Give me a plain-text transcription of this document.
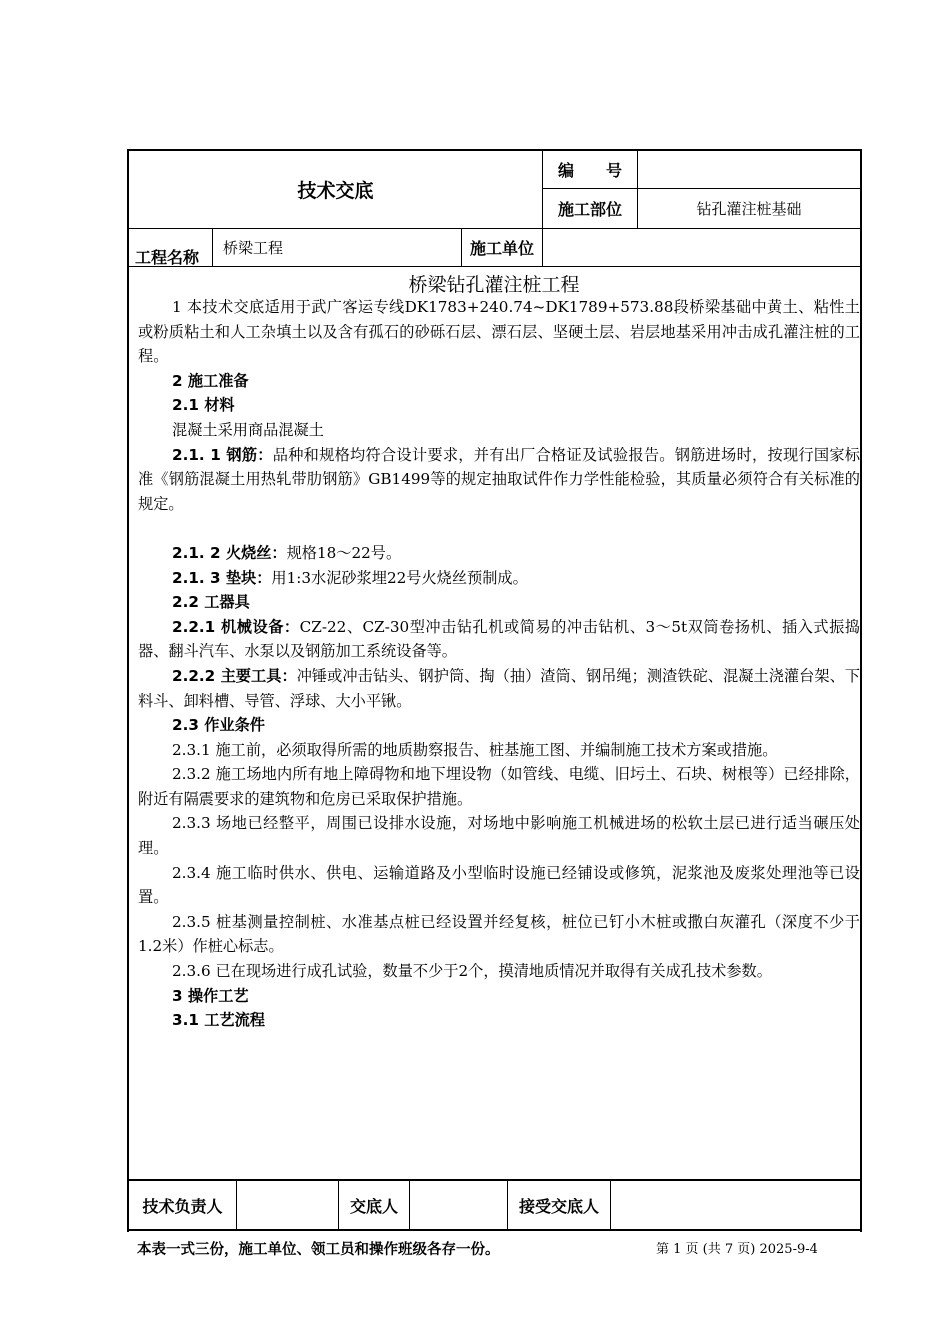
技术交底
编　　号
施工部位	钻孔灌注桩基础
工程名称	桥梁工程	施工单位
桥梁钻孔灌注桩工程

1 本技术交底适用于武广客运专线DK1783+240.74~DK1789+573.88段桥梁基础中黄土、粘性土或粉质粘土和人工杂填土以及含有孤石的砂砾石层、漂石层、坚硬土层、岩层地基采用冲击成孔灌注桩的工程。

2 施工准备

2.1 材料

混凝土采用商品混凝土

2.1. 1 钢筋：品种和规格均符合设计要求，并有出厂合格证及试验报告。钢筋进场时，按现行国家标准《钢筋混凝土用热轧带肋钢筋》GB1499等的规定抽取试件作力学性能检验，其质量必须符合有关标准的规定。

2.1. 2 火烧丝：规格18～22号。

2.1. 3 垫块：用1:3水泥砂浆埋22号火烧丝预制成。

2.2 工器具

2.2.1 机械设备：CZ-22、CZ-30型冲击钻孔机或简易的冲击钻机、3～5t双筒卷扬机、插入式振捣器、翻斗汽车、水泵以及钢筋加工系统设备等。

2.2.2 主要工具：冲锤或冲击钻头、钢护筒、掏（抽）渣筒、钢吊绳；测渣铁砣、混凝土浇灌台架、下料斗、卸料槽、导管、浮球、大小平锹。

2.3 作业条件

2.3.1 施工前，必须取得所需的地质勘察报告、桩基施工图、并编制施工技术方案或措施。

2.3.2 施工场地内所有地上障碍物和地下埋设物（如管线、电缆、旧圬土、石块、树根等）已经排除，附近有隔震要求的建筑物和危房已采取保护措施。

2.3.3 场地已经整平，周围已设排水设施，对场地中影响施工机械进场的松软土层已进行适当碾压处理。

2.3.4 施工临时供水、供电、运输道路及小型临时设施已经铺设或修筑，泥浆池及废浆处理池等已设置。

2.3.5 桩基测量控制桩、水准基点桩已经设置并经复核，桩位已钉小木桩或撒白灰灌孔（深度不少于1.2米）作桩心标志。

2.3.6 已在现场进行成孔试验，数量不少于2个，摸清地质情况并取得有关成孔技术参数。

3 操作工艺

3.1 工艺流程

技术负责人	交底人	接受交底人
本表一式三份，施工单位、领工员和操作班级各存一份。	第 1 页 (共 7 页) 2025-9-4
